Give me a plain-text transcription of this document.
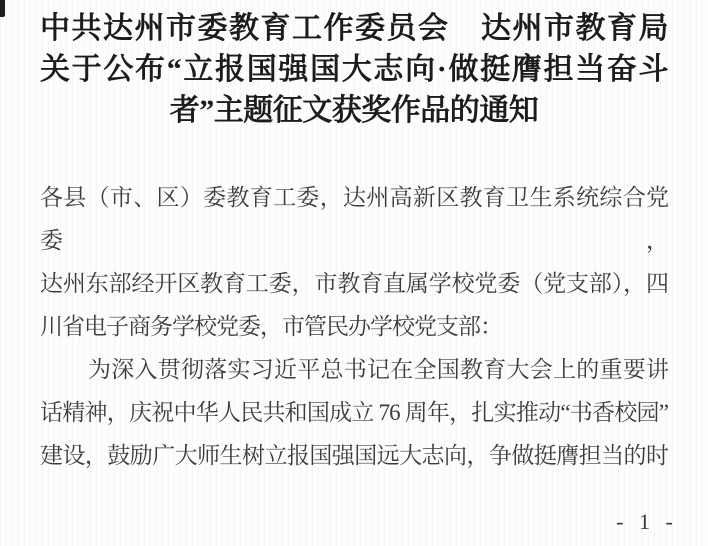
中共达州市委教育工作委员会　达州市教育局
关于公布“立报国强国大志向·做挺膺担当奋斗
者”主题征文获奖作品的通知
各县（市、区）委教育工委，达州高新区教育卫生系统综合党委，
达州东部经开区教育工委，市教育直属学校党委（党支部），四
川省电子商务学校党委，市管民办学校党支部：
为深入贯彻落实习近平总书记在全国教育大会上的重要讲
话精神，庆祝中华人民共和国成立 76 周年，扎实推动“书香校园”
建设，鼓励广大师生树立报国强国远大志向，争做挺膺担当的时
- 1 -
